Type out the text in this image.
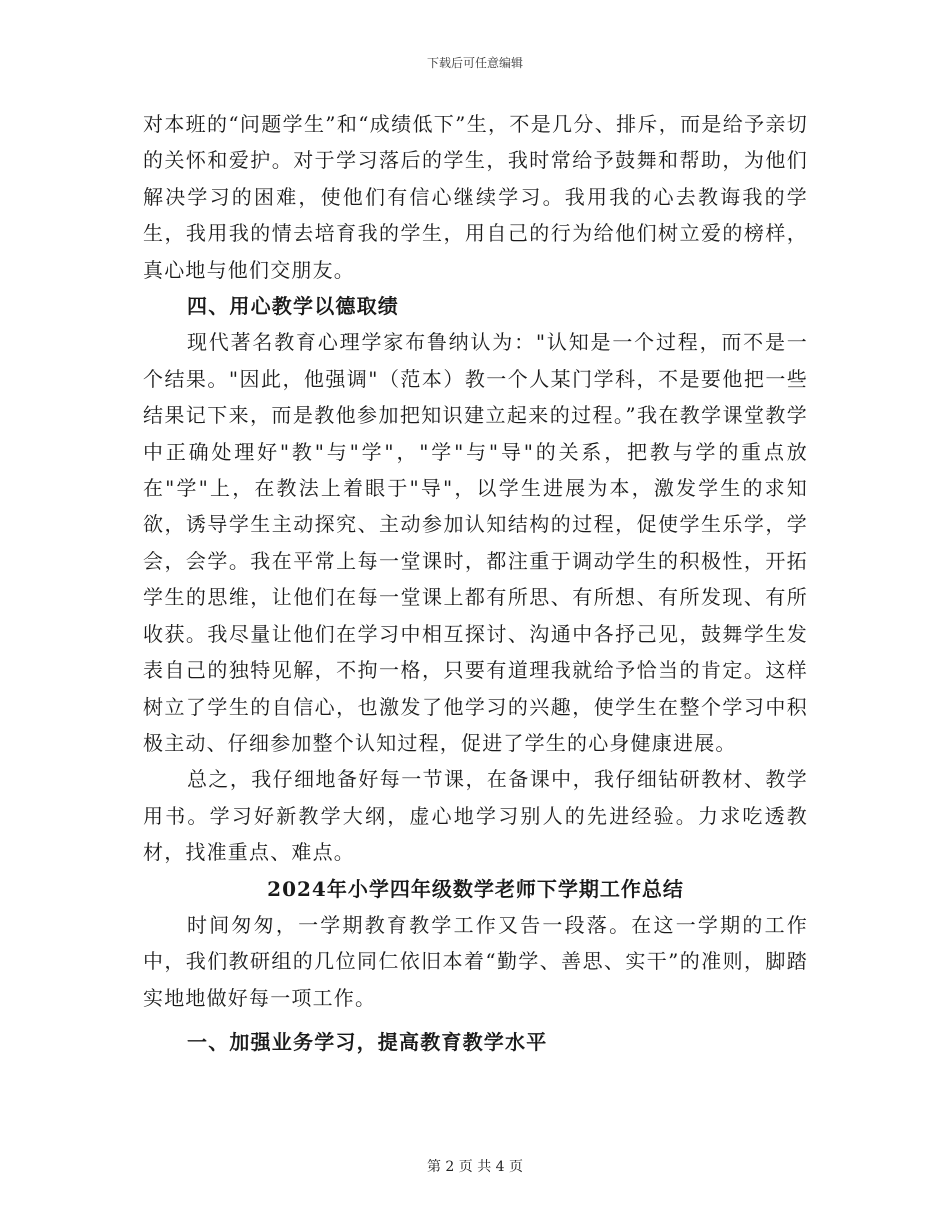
下载后可任意编辑

对本班的“问题学生”和“成绩低下”生，不是几分、排斥，而是给予亲切的关怀和爱护。对于学习落后的学生，我时常给予鼓舞和帮助，为他们解决学习的困难，使他们有信心继续学习。我用我的心去教诲我的学生，我用我的情去培育我的学生，用自己的行为给他们树立爱的榜样，真心地与他们交朋友。

四、用心教学以德取绩

现代著名教育心理学家布鲁纳认为："认知是一个过程，而不是一个结果。"因此，他强调"（范本）教一个人某门学科，不是要他把一些结果记下来，而是教他参加把知识建立起来的过程。”我在教学课堂教学中正确处理好"教"与"学"，"学"与"导"的关系，把教与学的重点放在"学"上，在教法上着眼于"导"，以学生进展为本，激发学生的求知欲，诱导学生主动探究、主动参加认知结构的过程，促使学生乐学，学会，会学。我在平常上每一堂课时，都注重于调动学生的积极性，开拓学生的思维，让他们在每一堂课上都有所思、有所想、有所发现、有所收获。我尽量让他们在学习中相互探讨、沟通中各抒己见，鼓舞学生发表自己的独特见解，不拘一格，只要有道理我就给予恰当的肯定。这样树立了学生的自信心，也激发了他学习的兴趣，使学生在整个学习中积极主动、仔细参加整个认知过程，促进了学生的心身健康进展。

总之，我仔细地备好每一节课，在备课中，我仔细钻研教材、教学用书。学习好新教学大纲，虚心地学习别人的先进经验。力求吃透教材，找准重点、难点。

2024年小学四年级数学老师下学期工作总结

时间匆匆，一学期教育教学工作又告一段落。在这一学期的工作中，我们教研组的几位同仁依旧本着“勤学、善思、实干”的准则，脚踏实地地做好每一项工作。

一、加强业务学习，提高教育教学水平

第 2 页 共 4 页
